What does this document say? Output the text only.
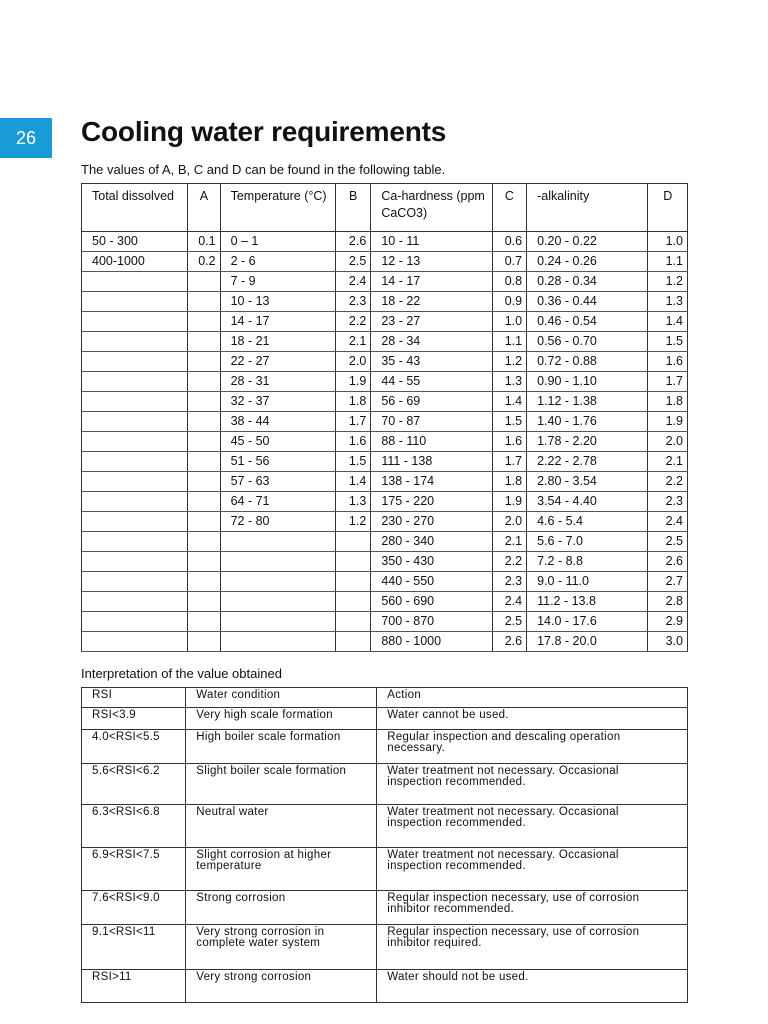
26 Cooling water requirements
The values of A, B, C and D can be found in the following table.
Total dissolved	A	Temperature (°C)	B	Ca-hardness (ppm CaCO3)	C	-alkalinity	D
50 - 300	0.1	0 – 1	2.6	10 - 11	0.6	0.20 - 0.22	1.0
400-1000	0.2	2 - 6	2.5	12 - 13	0.7	0.24 - 0.26	1.1
		7 - 9	2.4	14 - 17	0.8	0.28 - 0.34	1.2
		10 - 13	2.3	18 - 22	0.9	0.36 - 0.44	1.3
		14 - 17	2.2	23 - 27	1.0	0.46 - 0.54	1.4
		18 - 21	2.1	28 - 34	1.1	0.56 - 0.70	1.5
		22 - 27	2.0	35 - 43	1.2	0.72 - 0.88	1.6
		28 - 31	1.9	44 - 55	1.3	0.90 - 1.10	1.7
		32 - 37	1.8	56 - 69	1.4	1.12 - 1.38	1.8
		38 - 44	1.7	70 - 87	1.5	1.40 - 1.76	1.9
		45 - 50	1.6	88 - 110	1.6	1.78 - 2.20	2.0
		51 - 56	1.5	111 - 138	1.7	2.22 - 2.78	2.1
		57 - 63	1.4	138 - 174	1.8	2.80 - 3.54	2.2
		64 - 71	1.3	175 - 220	1.9	3.54 - 4.40	2.3
		72 - 80	1.2	230 - 270	2.0	4.6 - 5.4	2.4
				280 - 340	2.1	5.6 - 7.0	2.5
				350 - 430	2.2	7.2 - 8.8	2.6
				440 - 550	2.3	9.0 - 11.0	2.7
				560 - 690	2.4	11.2 - 13.8	2.8
				700 - 870	2.5	14.0 - 17.6	2.9
				880 - 1000	2.6	17.8 - 20.0	3.0
Interpretation of the value obtained
RSI	Water condition	Action
RSI<3.9	Very high scale formation	Water cannot be used.
4.0<RSI<5.5	High boiler scale formation	Regular inspection and descaling operation necessary.
5.6<RSI<6.2	Slight boiler scale formation	Water treatment not necessary. Occasional inspection recommended.
6.3<RSI<6.8	Neutral water	Water treatment not necessary. Occasional inspection recommended.
6.9<RSI<7.5	Slight corrosion at higher temperature	Water treatment not necessary. Occasional inspection recommended.
7.6<RSI<9.0	Strong corrosion	Regular inspection necessary, use of corrosion inhibitor recommended.
9.1<RSI<11	Very strong corrosion in complete water system	Regular inspection necessary, use of corrosion inhibitor required.
RSI>11	Very strong corrosion	Water should not be used.
